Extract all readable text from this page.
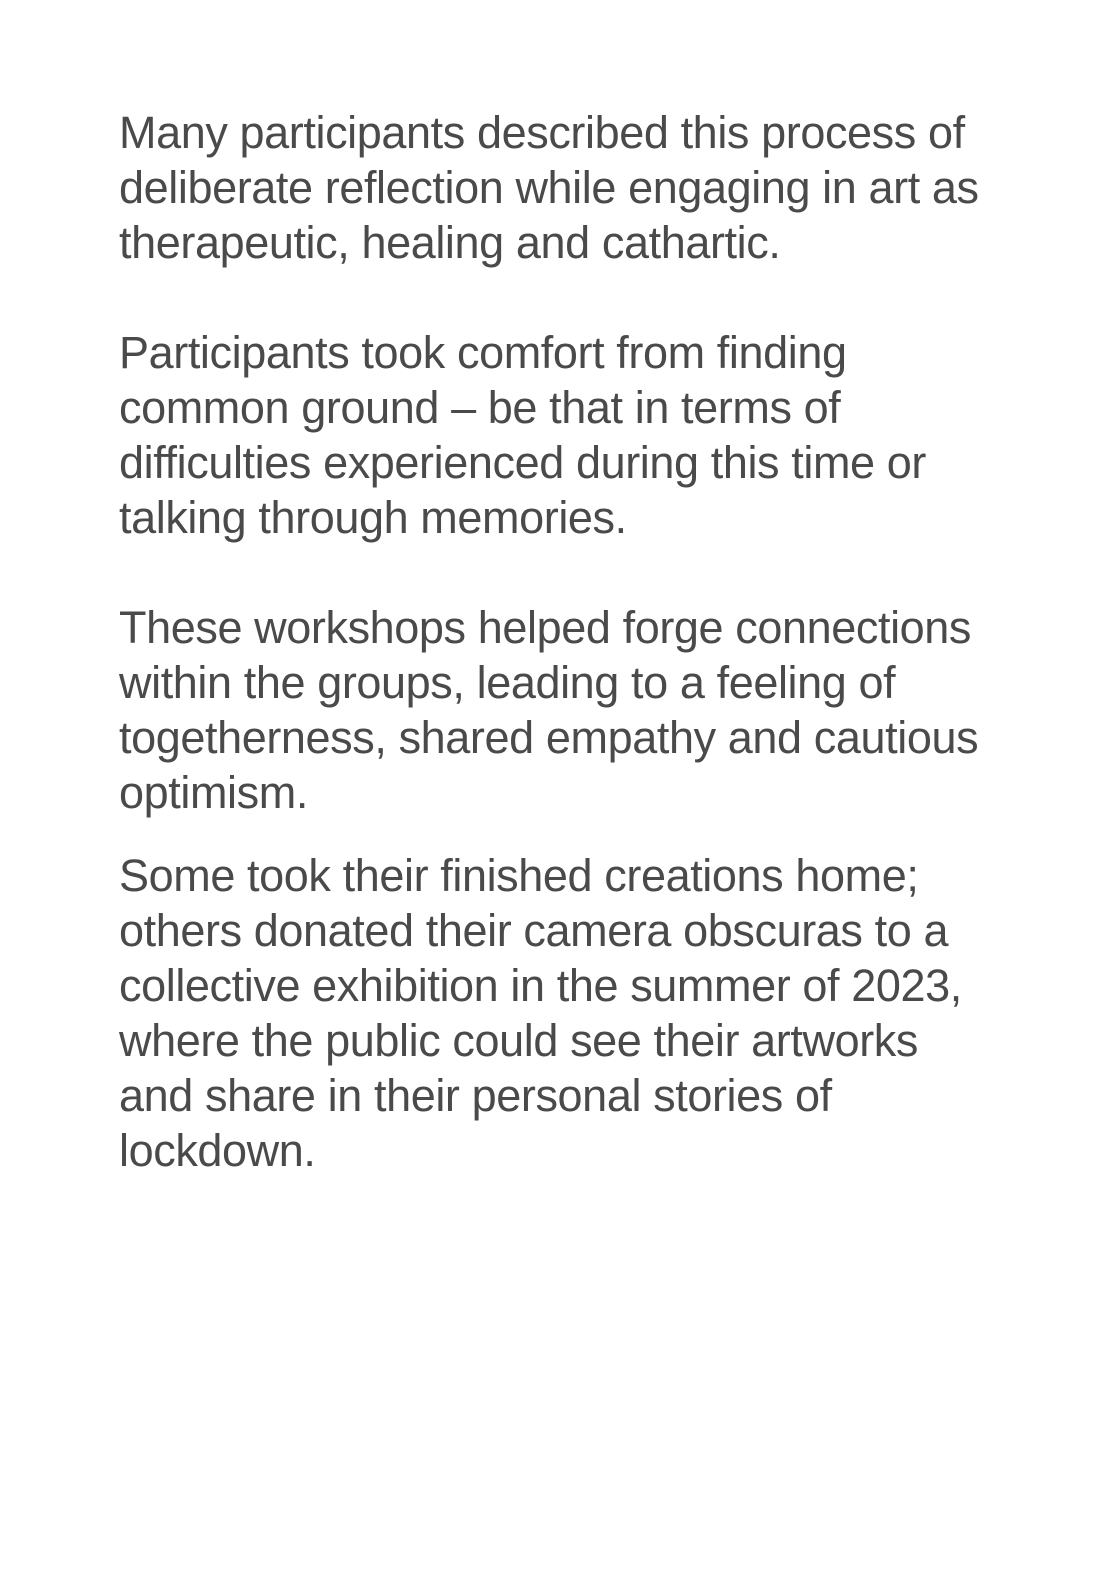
Many participants described this process of
deliberate reflection while engaging in art as
therapeutic, healing and cathartic.

Participants took comfort from finding
common ground – be that in terms of
difficulties experienced during this time or
talking through memories.

These workshops helped forge connections
within the groups, leading to a feeling of
togetherness, shared empathy and cautious
optimism.

Some took their finished creations home;
others donated their camera obscuras to a
collective exhibition in the summer of 2023,
where the public could see their artworks
and share in their personal stories of
lockdown.
